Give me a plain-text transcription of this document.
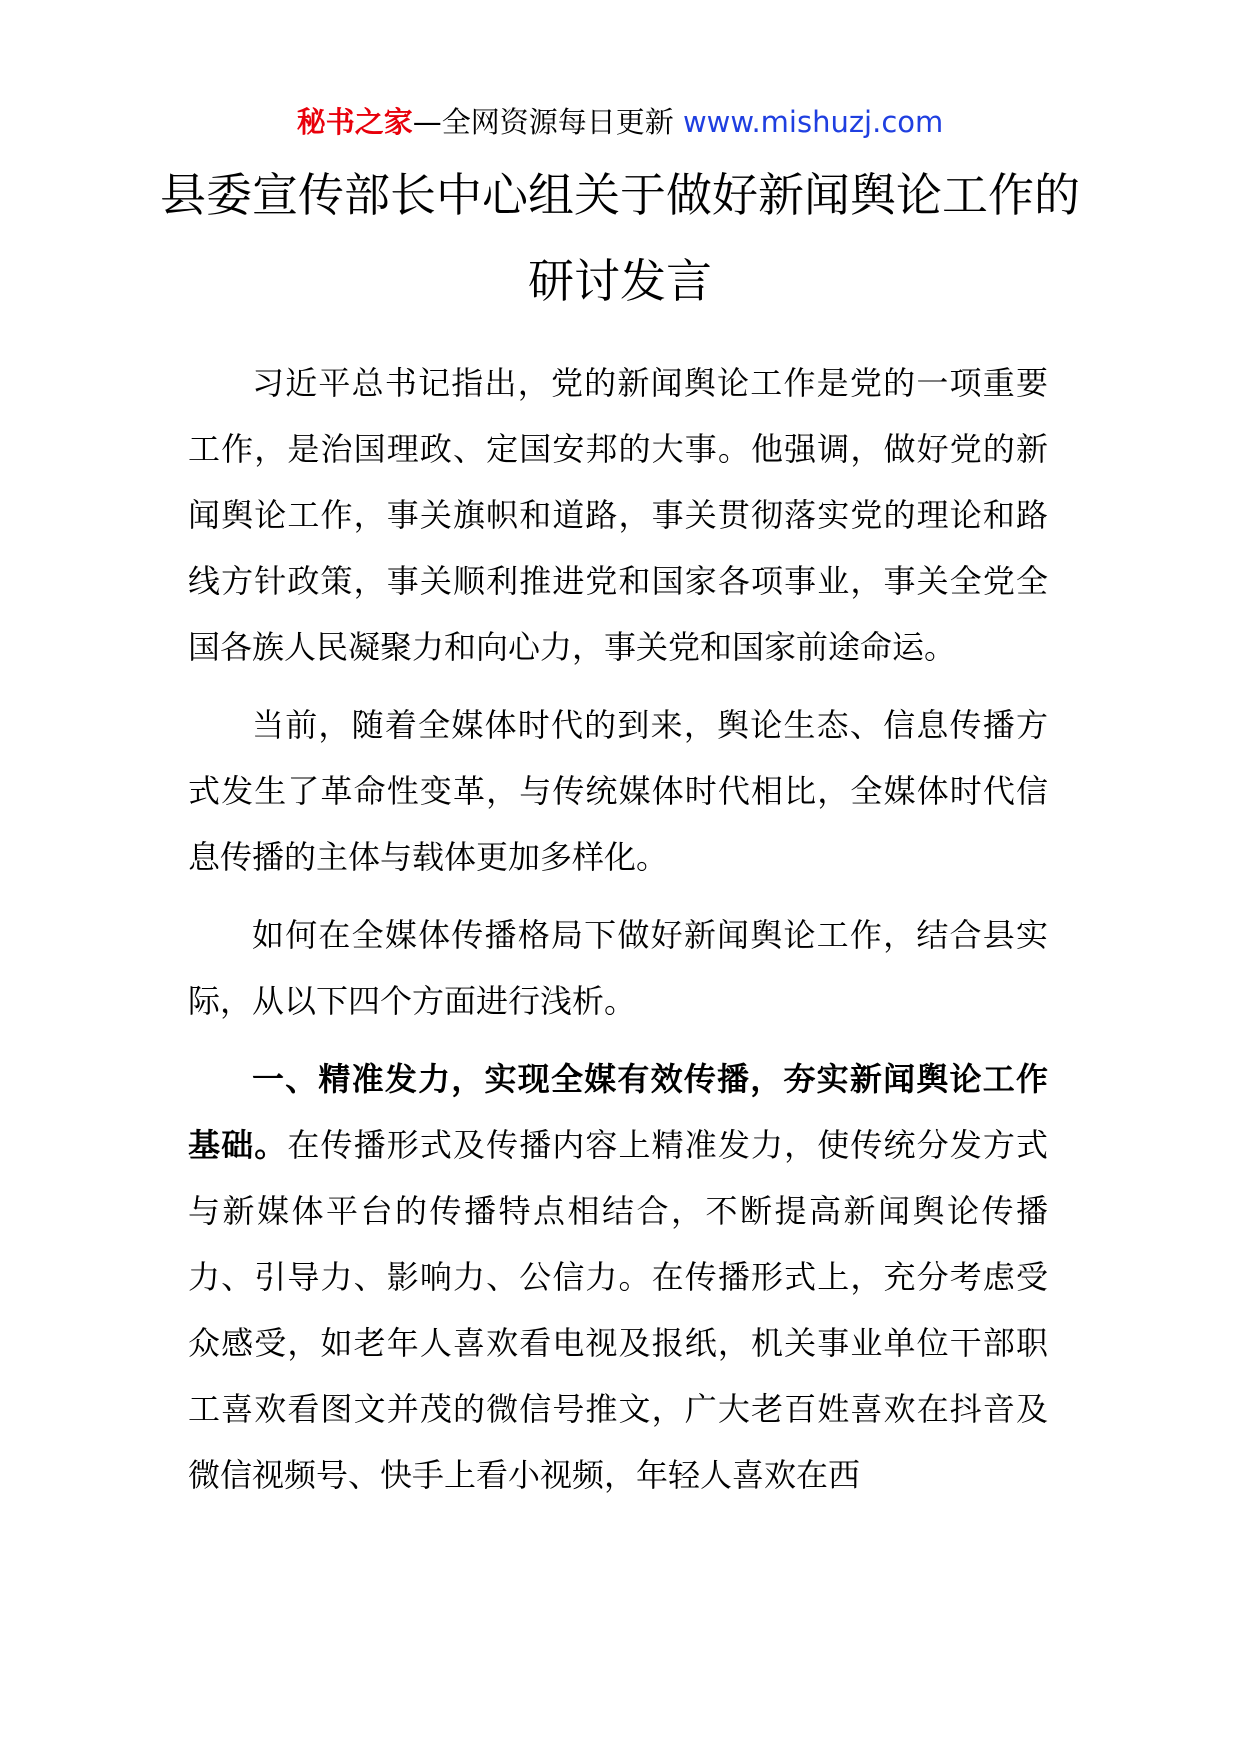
秘书之家—全网资源每日更新 www.mishuzj.com
县委宣传部长中心组关于做好新闻舆论工作的研讨发言

习近平总书记指出，党的新闻舆论工作是党的一项重要工作，是治国理政、定国安邦的大事。他强调，做好党的新闻舆论工作，事关旗帜和道路，事关贯彻落实党的理论和路线方针政策，事关顺利推进党和国家各项事业，事关全党全国各族人民凝聚力和向心力，事关党和国家前途命运。

当前，随着全媒体时代的到来，舆论生态、信息传播方式发生了革命性变革，与传统媒体时代相比，全媒体时代信息传播的主体与载体更加多样化。

如何在全媒体传播格局下做好新闻舆论工作，结合县实际，从以下四个方面进行浅析。

一、精准发力，实现全媒有效传播，夯实新闻舆论工作基础。在传播形式及传播内容上精准发力，使传统分发方式与新媒体平台的传播特点相结合，不断提高新闻舆论传播力、引导力、影响力、公信力。在传播形式上，充分考虑受众感受，如老年人喜欢看电视及报纸，机关事业单位干部职工喜欢看图文并茂的微信号推文，广大老百姓喜欢在抖音及微信视频号、快手上看小视频，年轻人喜欢在西
